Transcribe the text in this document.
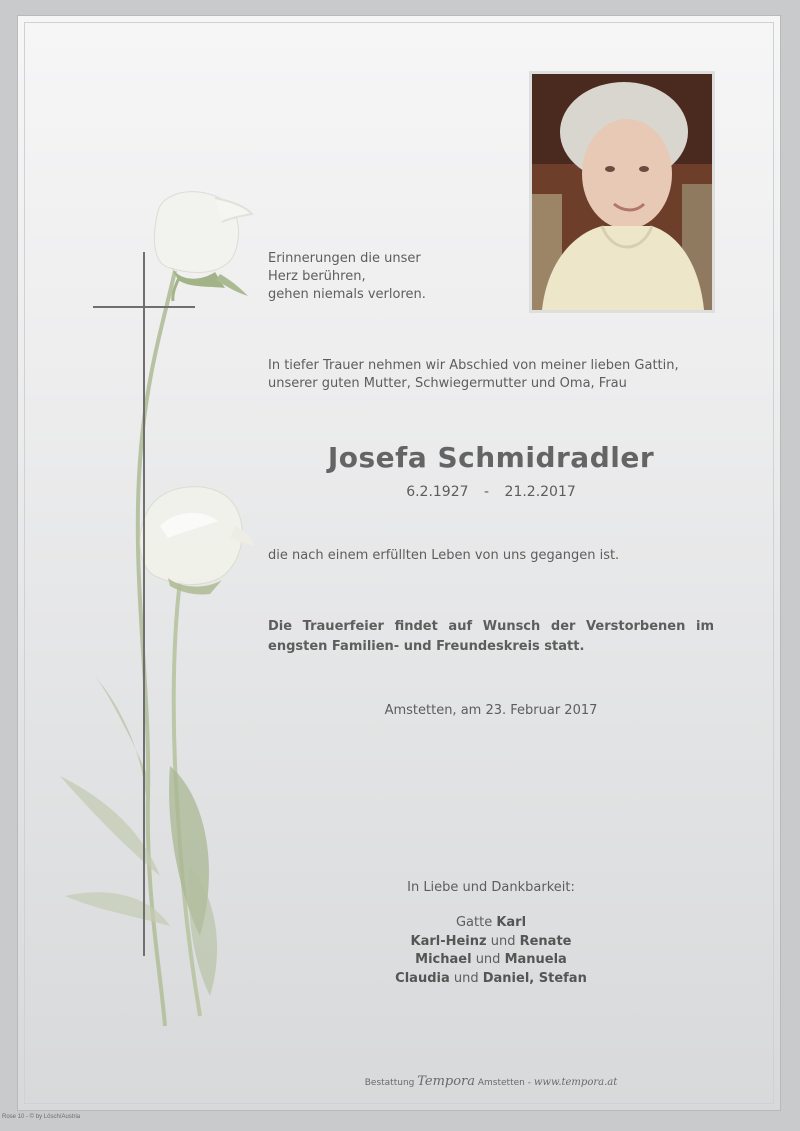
Erinnerungen die unser
Herz berühren,
gehen niemals verloren.
In tiefer Trauer nehmen wir Abschied von meiner lieben Gattin, unserer guten Mutter, Schwiegermutter und Oma, Frau
Josefa Schmidradler
6.2.1927 - 21.2.2017
die nach einem erfüllten Leben von uns gegangen ist.
Die Trauerfeier findet auf Wunsch der Verstorbenen im engsten Familien- und Freundeskreis statt.
Amstetten, am 23. Februar 2017
In Liebe und Dankbarkeit:
Gatte Karl
Karl-Heinz und Renate
Michael und Manuela
Claudia und Daniel, Stefan
Bestattung Tempora Amstetten - www.tempora.at
Rose 10 - © by Lösch/Austria
